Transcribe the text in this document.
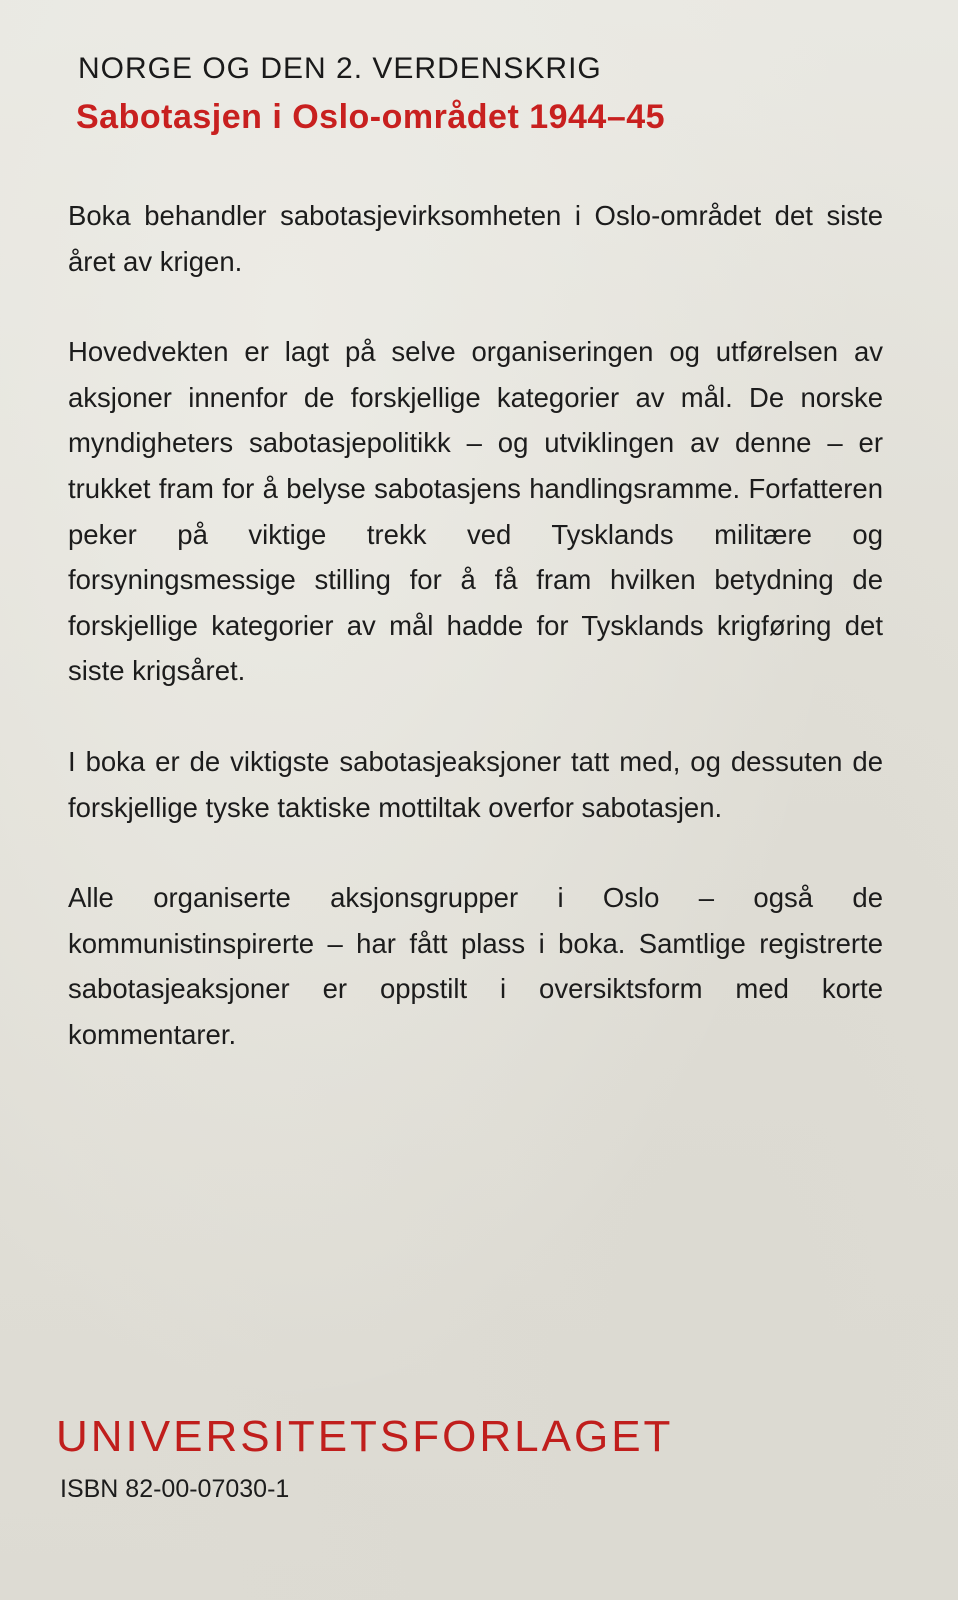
NORGE OG DEN 2. VERDENSKRIG
Sabotasjen i Oslo-området 1944–45

Boka behandler sabotasjevirksomheten i Oslo-området det siste året av krigen.

Hovedvekten er lagt på selve organiseringen og utførelsen av aksjoner innenfor de forskjellige kategorier av mål. De norske myndigheters sabotasjepolitikk – og utviklingen av denne – er trukket fram for å belyse sabotasjens handlingsramme. Forfatteren peker på viktige trekk ved Tysklands militære og forsyningsmessige stilling for å få fram hvilken betydning de forskjellige kategorier av mål hadde for Tysklands krigføring det siste krigsåret.

I boka er de viktigste sabotasjeaksjoner tatt med, og dessuten de forskjellige tyske taktiske mottiltak overfor sabotasjen.

Alle organiserte aksjonsgrupper i Oslo – også de kommunistinspirerte – har fått plass i boka. Samtlige registrerte sabotasjeaksjoner er oppstilt i oversiktsform med korte kommentarer.

UNIVERSITETSFORLAGET
ISBN 82-00-07030-1
